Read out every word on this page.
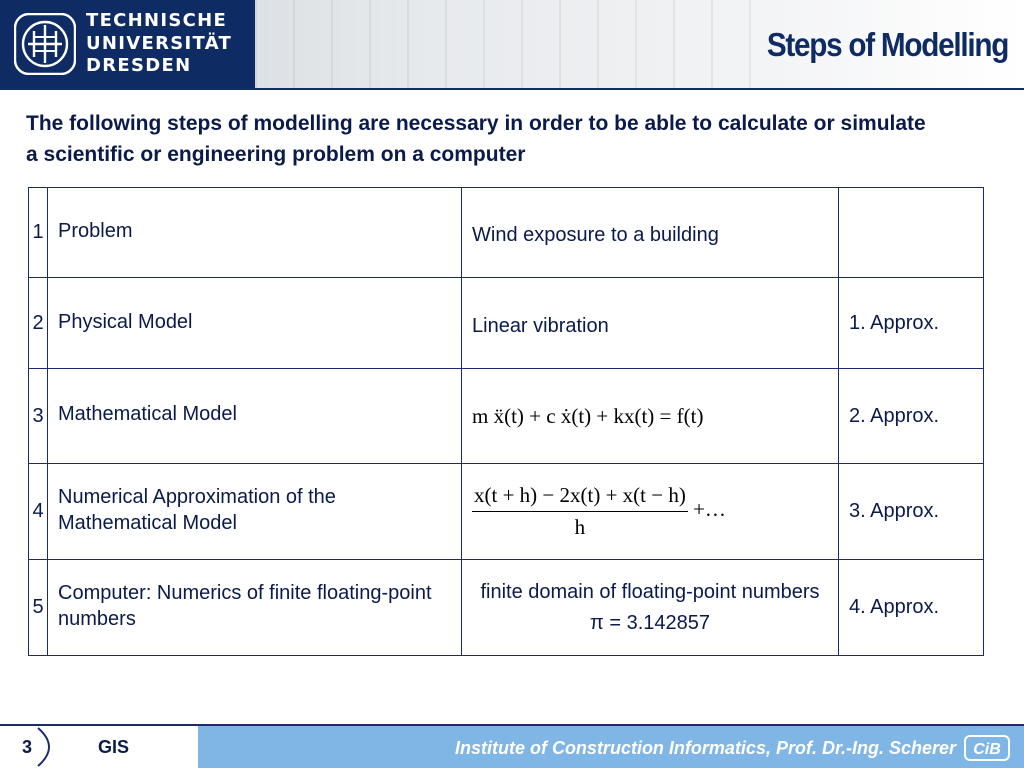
TECHNISCHE
UNIVERSITÄT
DRESDEN
Steps of Modelling
The following steps of modelling are necessary in order to be able to calculate or simulate a scientific or engineering problem on a computer
1	Problem	Wind exposure to a building	
2	Physical Model	Linear vibration	1. Approx.
3	Mathematical Model	m ẍ(t) + c ẋ(t) + kx(t) = f(t)	2. Approx.
4	Numerical Approximation of the Mathematical Model	$\frac{x(t + h) - 2x(t) + x(t - h)}{h}$ +…	3. Approx.
5	Computer: Numerics of finite floating-point numbers	finite domain of floating-point numbers π = 3.142857	4. Approx.
3	GIS	Institute of Construction Informatics, Prof. Dr.-Ing. Scherer CiB
